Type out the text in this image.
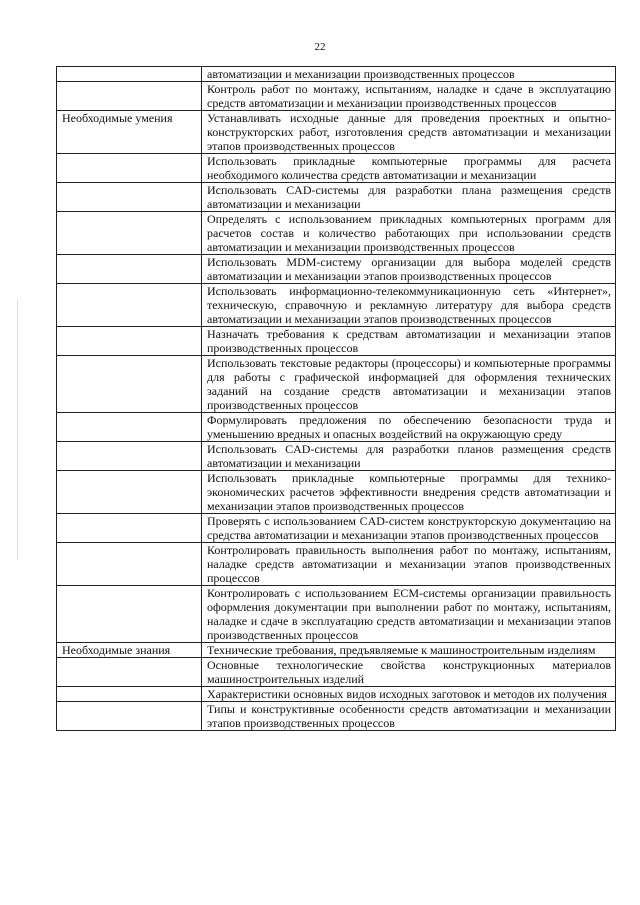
22
	автоматизации и механизации производственных процессов
	Контроль работ по монтажу, испытаниям, наладке и сдаче в эксплуатацию средств автоматизации и механизации производственных процессов
Необходимые умения	Устанавливать исходные данные для проведения проектных и опытно-конструкторских работ, изготовления средств автоматизации и механизации этапов производственных процессов
	Использовать прикладные компьютерные программы для расчета необходимого количества средств автоматизации и механизации
	Использовать CAD-системы для разработки плана размещения средств автоматизации и механизации
	Определять с использованием прикладных компьютерных программ для расчетов состав и количество работающих при использовании средств автоматизации и механизации производственных процессов
	Использовать MDM-систему организации для выбора моделей средств автоматизации и механизации этапов производственных процессов
	Использовать информационно-телекоммуникационную сеть «Интернет», техническую, справочную и рекламную литературу для выбора средств автоматизации и механизации этапов производственных процессов
	Назначать требования к средствам автоматизации и механизации этапов производственных процессов
	Использовать текстовые редакторы (процессоры) и компьютерные программы для работы с графической информацией для оформления технических заданий на создание средств автоматизации и механизации этапов производственных процессов
	Формулировать предложения по обеспечению безопасности труда и уменьшению вредных и опасных воздействий на окружающую среду
	Использовать CAD-системы для разработки планов размещения средств автоматизации и механизации
	Использовать прикладные компьютерные программы для технико-экономических расчетов эффективности внедрения средств автоматизации и механизации этапов производственных процессов
	Проверять с использованием CAD-систем конструкторскую документацию на средства автоматизации и механизации этапов производственных процессов
	Контролировать правильность выполнения работ по монтажу, испытаниям, наладке средств автоматизации и механизации этапов производственных процессов
	Контролировать с использованием ECM-системы организации правильность оформления документации при выполнении работ по монтажу, испытаниям, наладке и сдаче в эксплуатацию средств автоматизации и механизации этапов производственных процессов
Необходимые знания	Технические требования, предъявляемые к машиностроительным изделиям
	Основные технологические свойства конструкционных материалов машиностроительных изделий
	Характеристики основных видов исходных заготовок и методов их получения
	Типы и конструктивные особенности средств автоматизации и механизации этапов производственных процессов
